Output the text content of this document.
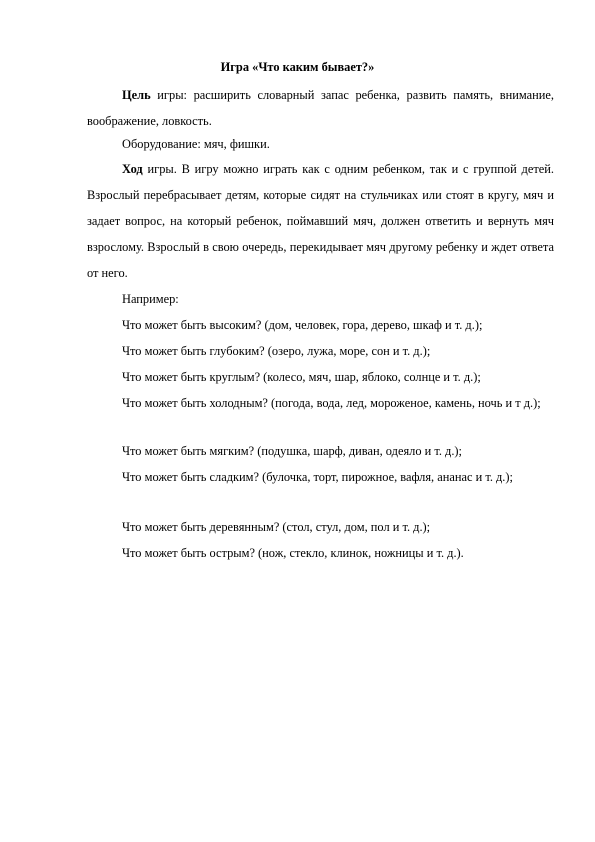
Игра «Что каким бывает?»
Цель игры: расширить словарный запас ребенка, развить память, внимание, воображение, ловкость.
Оборудование: мяч, фишки.
Ход игры. В игру можно играть как с одним ребенком, так и с группой детей. Взрослый перебрасывает детям, которые сидят на стульчиках или стоят в кругу, мяч и задает вопрос, на который ребенок, поймавший мяч, должен ответить и вернуть мяч взрослому. Взрослый в свою очередь, перекидывает мяч другому ребенку и ждет ответа от него.
Например:
Что может быть высоким? (дом, человек, гора, дерево, шкаф и т. д.);
Что может быть глубоким? (озеро, лужа, море, сон и т. д.);
Что может быть круглым? (колесо, мяч, шар, яблоко, солнце и т. д.);
Что может быть холодным? (погода, вода, лед, мороженое, камень, ночь и т д.);
Что может быть мягким? (подушка, шарф, диван, одеяло и т. д.);
Что может быть сладким? (булочка, торт, пирожное, вафля, ананас и т. д.);
Что может быть деревянным? (стол, стул, дом, пол и т. д.);
Что может быть острым? (нож, стекло, клинок, ножницы и т. д.).
